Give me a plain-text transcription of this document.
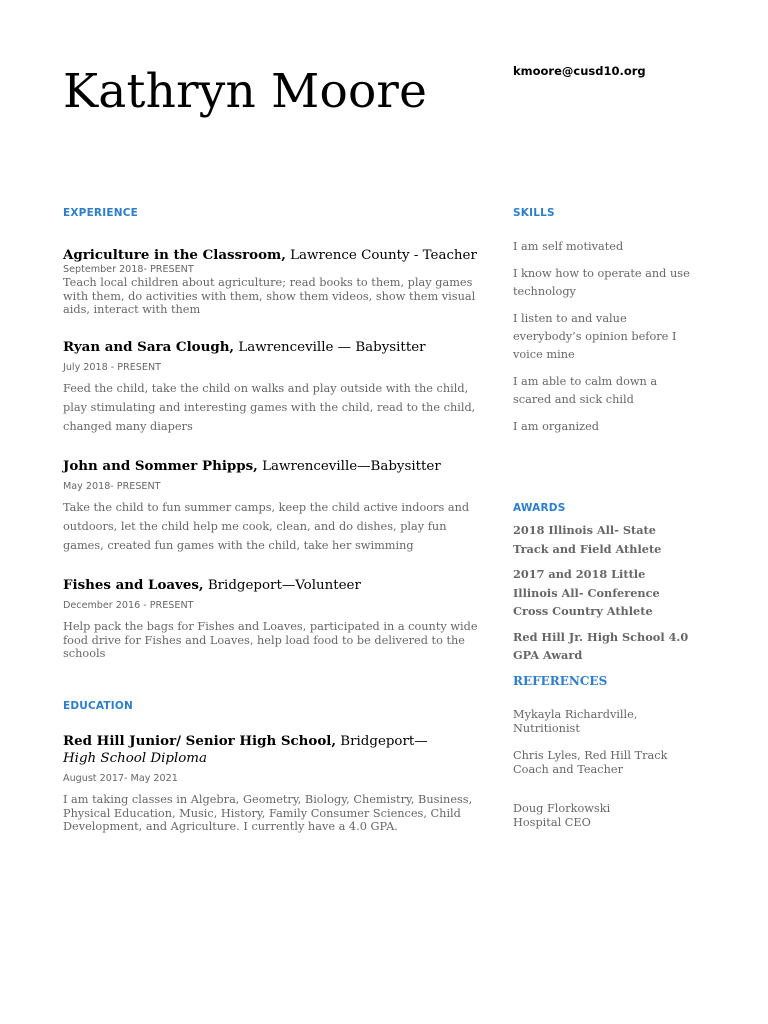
Kathryn Moore	kmoore@cusd10.org
EXPERIENCE

Agriculture in the Classroom, Lawrence County - Teacher

September 2018- PRESENT

Teach local children about agriculture; read books to them, play games with them, do activities with them, show them videos, show them visual aids, interact with them

Ryan and Sara Clough, Lawrenceville — Babysitter

July 2018 - PRESENT

Feed the child, take the child on walks and play outside with the child, play stimulating and interesting games with the child, read to the child, changed many diapers

John and Sommer Phipps, Lawrenceville—Babysitter

May 2018- PRESENT

Take the child to fun summer camps, keep the child active indoors and outdoors, let the child help me cook, clean, and do dishes, play fun games, created fun games with the child, take her swimming

Fishes and Loaves, Bridgeport—Volunteer

December 2016 - PRESENT

Help pack the bags for Fishes and Loaves, participated in a county wide food drive for Fishes and Loaves, help load food to be delivered to the schools

EDUCATION

Red Hill Junior/ Senior High School, Bridgeport— High School Diploma

August 2017- May 2021

I am taking classes in Algebra, Geometry, Biology, Chemistry, Business, Physical Education, Music, History, Family Consumer Sciences, Child Development, and Agriculture. I currently have a 4.0 GPA.

SKILLS

I am self motivated

I know how to operate and use technology

I listen to and value everybody’s opinion before I voice mine

I am able to calm down a scared and sick child

I am organized

AWARDS

2018 Illinois All- State Track and Field Athlete

2017 and 2018 Little Illinois All- Conference Cross Country Athlete

Red Hill Jr. High School 4.0 GPA Award

REFERENCES

Mykayla Richardville,
Nutritionist

Chris Lyles, Red Hill Track
Coach and Teacher

Doug Florkowski
Hospital CEO
